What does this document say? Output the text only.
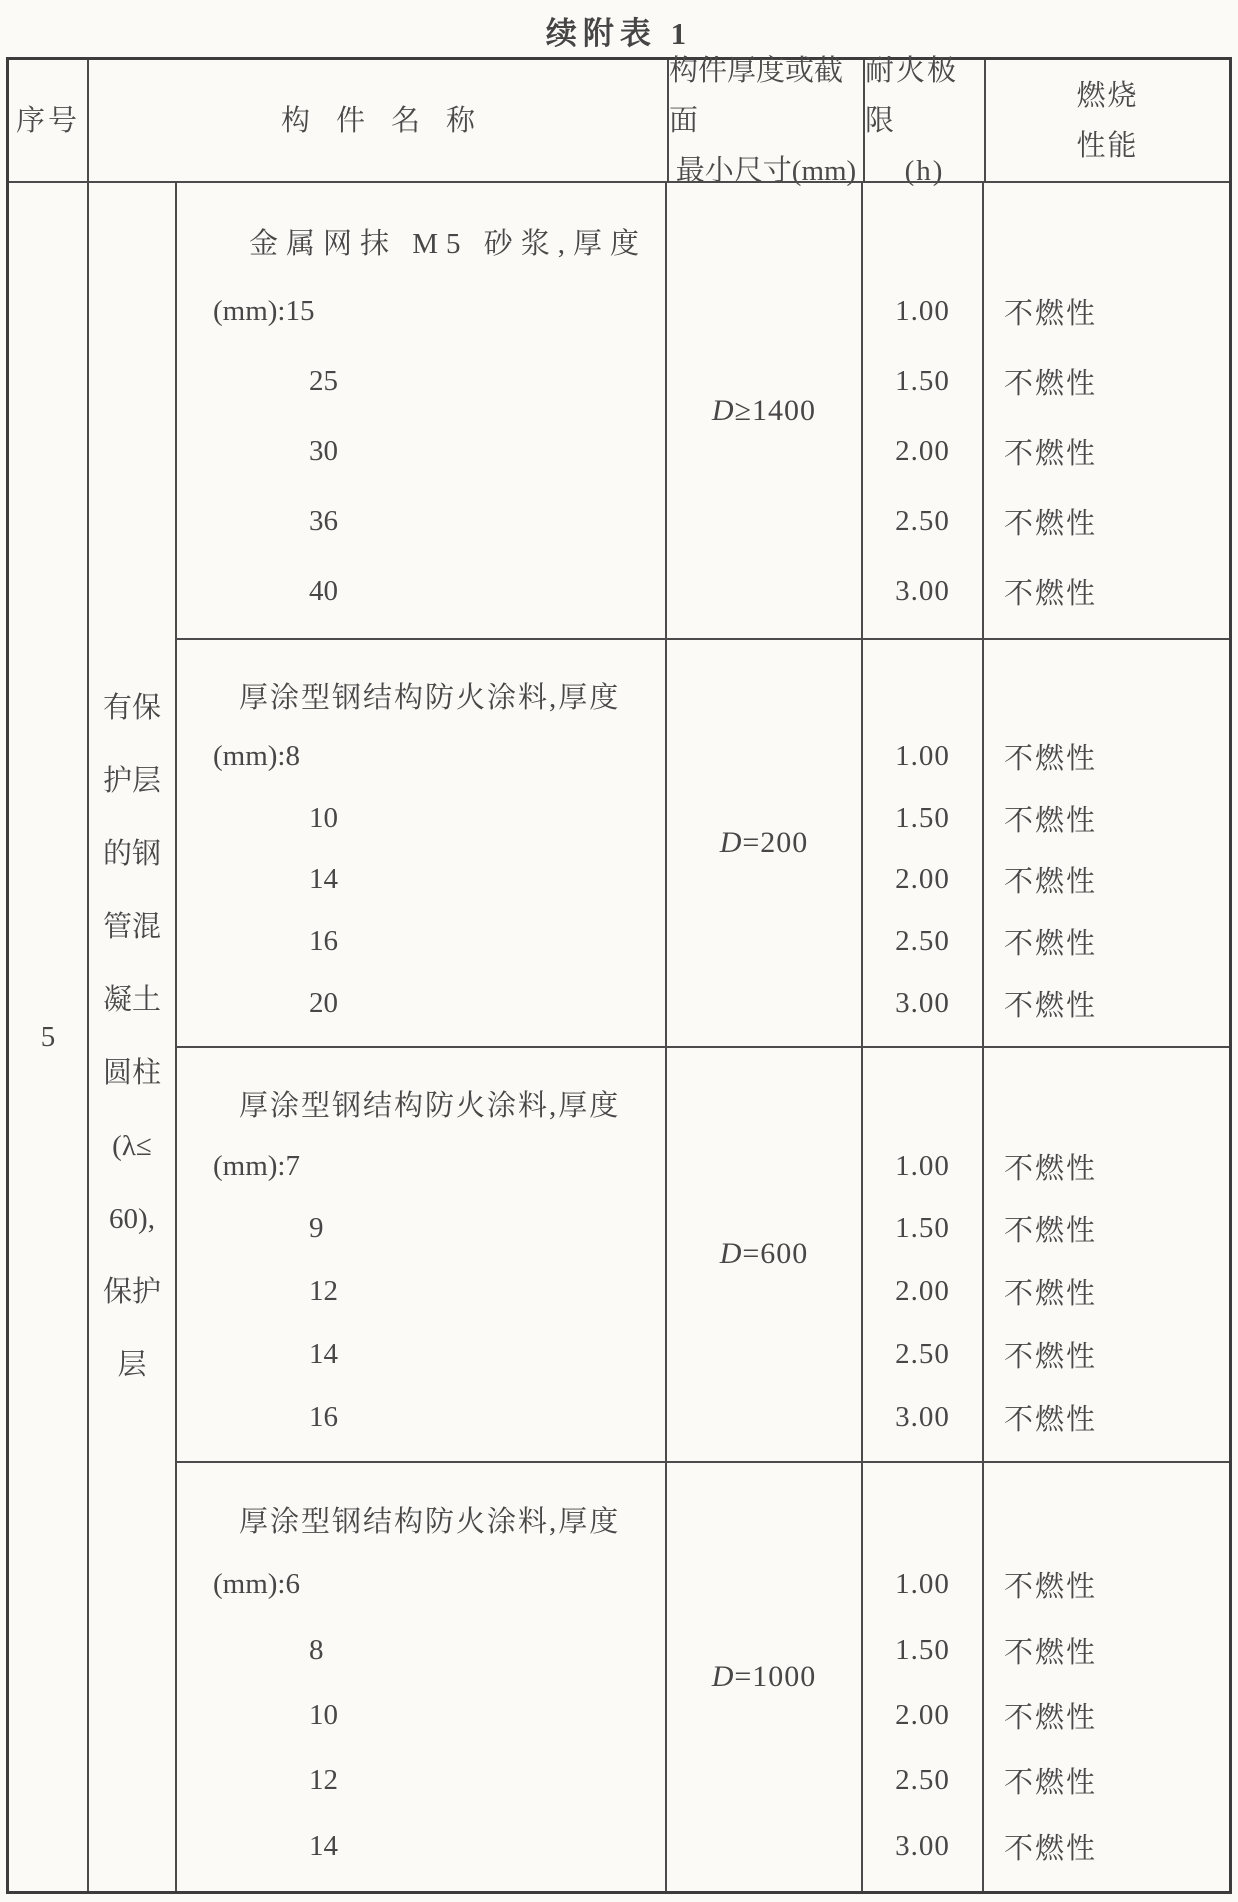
续附表 1
序号	构件名称
构件厚度或截面
最小尺寸(mm)
耐火极限
(h)
燃烧
性能
5
有保
护层
的钢
管混
凝土
圆柱
(λ≤
60),
保护
层
金属网抹 M5 砂浆,厚度
(mm): 15
25
30
36
40
D≥1400
1.00
1.50
2.00
2.50
3.00
不燃性
不燃性
不燃性
不燃性
不燃性
厚涂型钢结构防火涂料,厚度
(mm): 8
10
14
16
20
D=200
1.00
1.50
2.00
2.50
3.00
不燃性
不燃性
不燃性
不燃性
不燃性
厚涂型钢结构防火涂料,厚度
(mm): 7
9
12
14
16
D=600
1.00
1.50
2.00
2.50
3.00
不燃性
不燃性
不燃性
不燃性
不燃性
厚涂型钢结构防火涂料,厚度
(mm): 6
8
10
12
14
D=1000
1.00
1.50
2.00
2.50
3.00
不燃性
不燃性
不燃性
不燃性
不燃性
